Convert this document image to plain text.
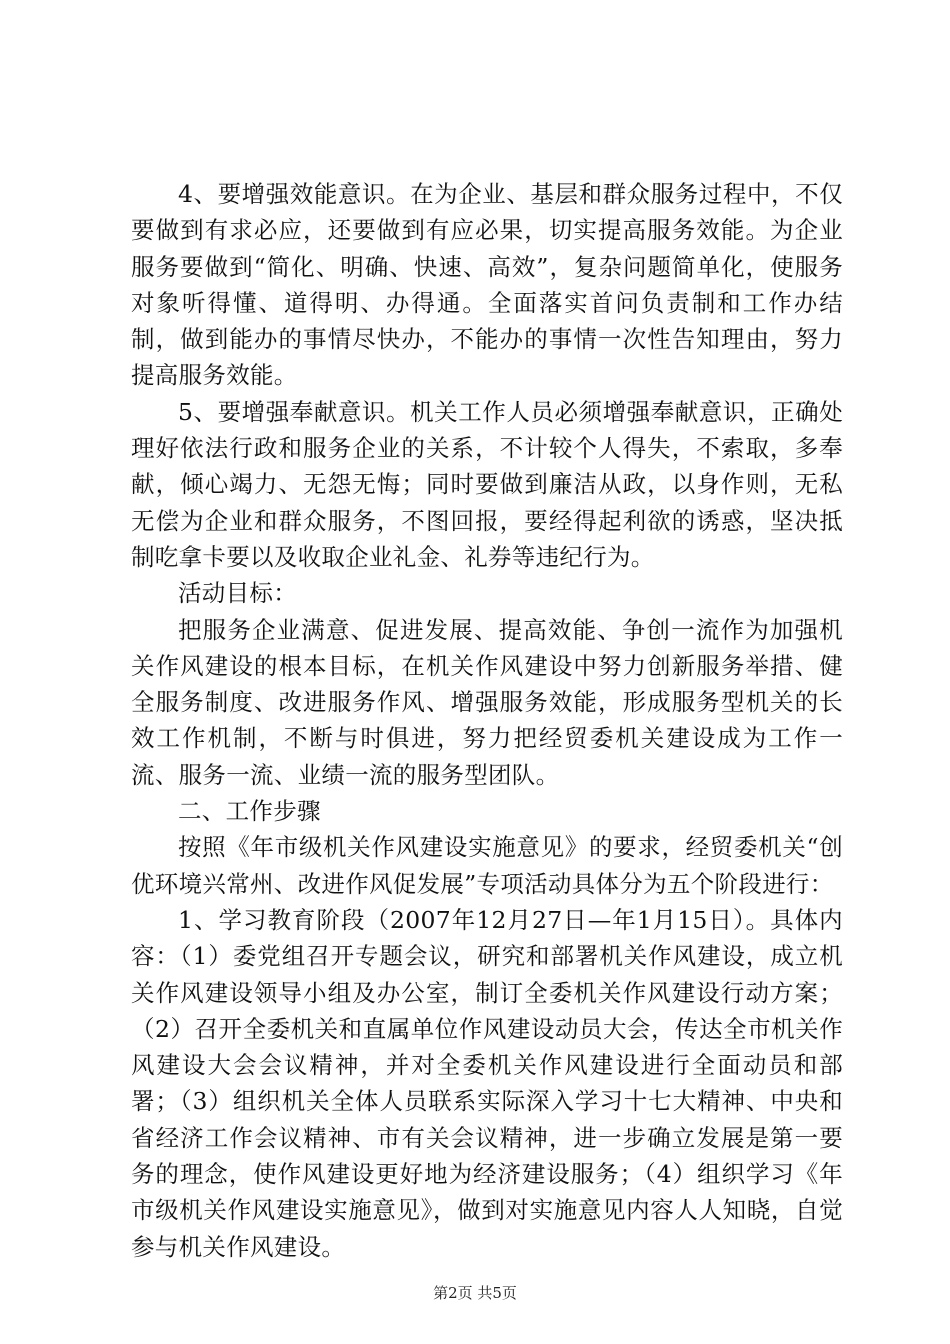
4、要增强效能意识。在为企业、基层和群众服务过程中，不仅要做到有求必应，还要做到有应必果，切实提高服务效能。为企业服务要做到“简化、明确、快速、高效”，复杂问题简单化，使服务对象听得懂、道得明、办得通。全面落实首问负责制和工作办结制，做到能办的事情尽快办，不能办的事情一次性告知理由，努力提高服务效能。

5、要增强奉献意识。机关工作人员必须增强奉献意识，正确处理好依法行政和服务企业的关系，不计较个人得失，不索取，多奉献，倾心竭力、无怨无悔；同时要做到廉洁从政，以身作则，无私无偿为企业和群众服务，不图回报，要经得起利欲的诱惑，坚决抵制吃拿卡要以及收取企业礼金、礼券等违纪行为。

活动目标：

把服务企业满意、促进发展、提高效能、争创一流作为加强机关作风建设的根本目标，在机关作风建设中努力创新服务举措、健全服务制度、改进服务作风、增强服务效能，形成服务型机关的长效工作机制，不断与时俱进，努力把经贸委机关建设成为工作一流、服务一流、业绩一流的服务型团队。

二、工作步骤

按照《年市级机关作风建设实施意见》的要求，经贸委机关“创优环境兴常州、改进作风促发展”专项活动具体分为五个阶段进行：

1、学习教育阶段（2007年12月27日—年1月15日）。具体内容：（1）委党组召开专题会议，研究和部署机关作风建设，成立机关作风建设领导小组及办公室，制订全委机关作风建设行动方案；（2）召开全委机关和直属单位作风建设动员大会，传达全市机关作风建设大会会议精神，并对全委机关作风建设进行全面动员和部署；（3）组织机关全体人员联系实际深入学习十七大精神、中央和省经济工作会议精神、市有关会议精神，进一步确立发展是第一要务的理念，使作风建设更好地为经济建设服务；（4）组织学习《年市级机关作风建设实施意见》，做到对实施意见内容人人知晓，自觉参与机关作风建设。

第2页 共5页
